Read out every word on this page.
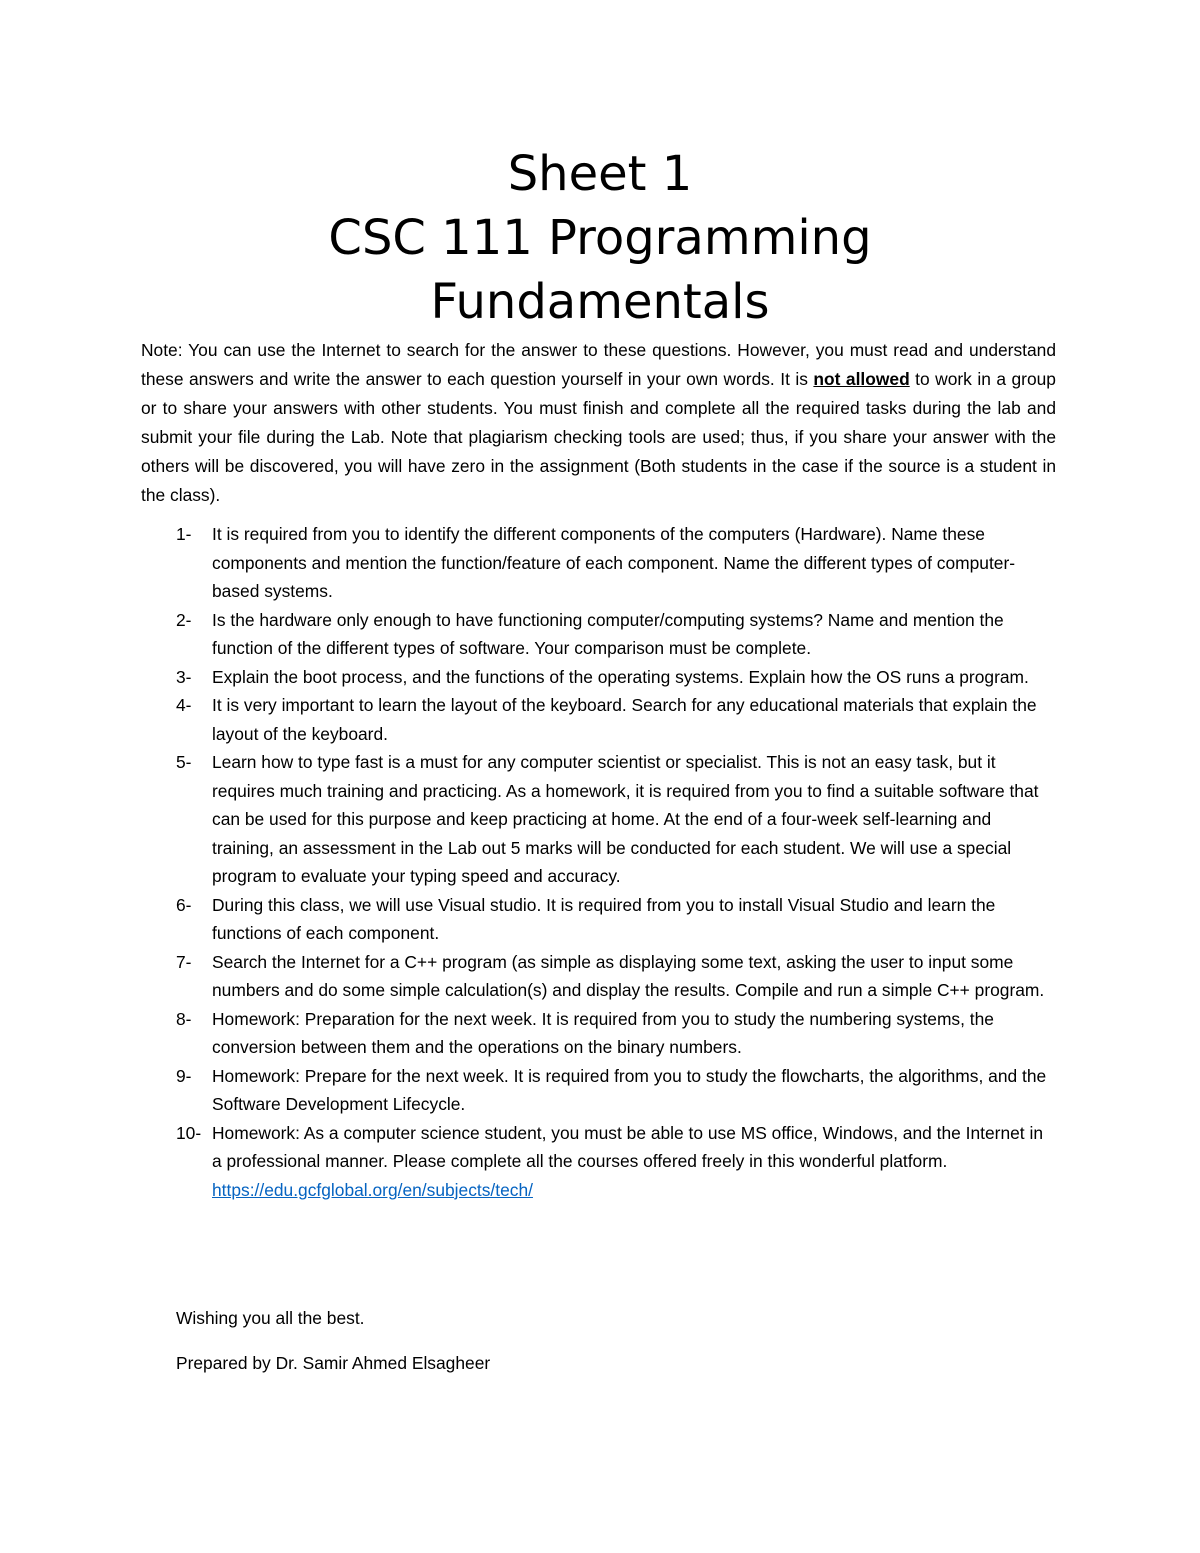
Sheet 1
CSC 111 Programming
Fundamentals
Note: You can use the Internet to search for the answer to these questions. However, you must read and understand these answers and write the answer to each question yourself in your own words. It is not allowed to work in a group or to share your answers with other students. You must finish and complete all the required tasks during the lab and submit your file during the Lab. Note that plagiarism checking tools are used; thus, if you share your answer with the others will be discovered, you will have zero in the assignment (Both students in the case if the source is a student in the class).
1-	It is required from you to identify the different components of the computers (Hardware). Name these components and mention the function/feature of each component. Name the different types of computer-based systems.
2-	Is the hardware only enough to have functioning computer/computing systems? Name and mention the function of the different types of software. Your comparison must be complete.
3-	Explain the boot process, and the functions of the operating systems. Explain how the OS runs a program.
4-	It is very important to learn the layout of the keyboard. Search for any educational materials that explain the layout of the keyboard.
5-	Learn how to type fast is a must for any computer scientist or specialist. This is not an easy task, but it requires much training and practicing. As a homework, it is required from you to find a suitable software that can be used for this purpose and keep practicing at home. At the end of a four-week self-learning and training, an assessment in the Lab out 5 marks will be conducted for each student. We will use a special program to evaluate your typing speed and accuracy.
6-	During this class, we will use Visual studio. It is required from you to install Visual Studio and learn the functions of each component.
7-	Search the Internet for a C++ program (as simple as displaying some text, asking the user to input some numbers and do some simple calculation(s) and display the results. Compile and run a simple C++ program.
8-	Homework: Preparation for the next week. It is required from you to study the numbering systems, the conversion between them and the operations on the binary numbers.
9-	Homework: Prepare for the next week. It is required from you to study the flowcharts, the algorithms, and the Software Development Lifecycle.
10- Homework: As a computer science student, you must be able to use MS office, Windows, and the Internet in a professional manner. Please complete all the courses offered freely in this wonderful platform. https://edu.gcfglobal.org/en/subjects/tech/
Wishing you all the best.
Prepared by Dr. Samir Ahmed Elsagheer
